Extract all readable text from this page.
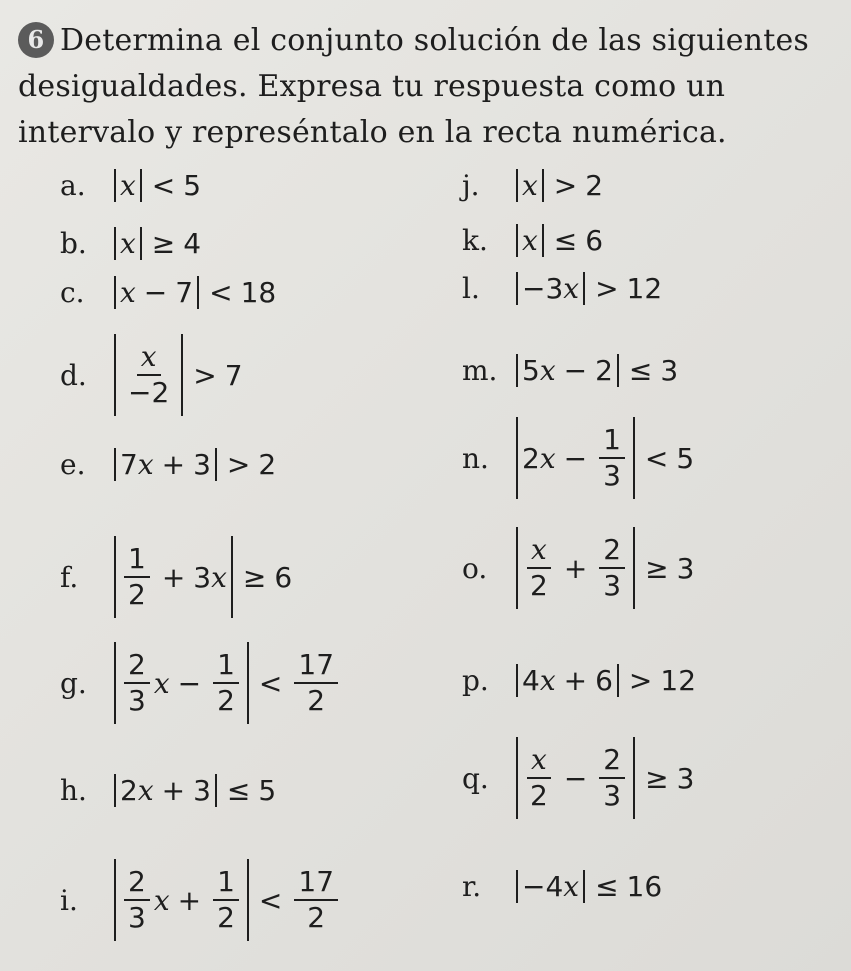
6 Determina el conjunto solución de las siguientes desigualdades. Expresa tu respuesta como un intervalo y represéntalo en la recta numérica.
a.	x < 5
b.	x ≥ 4
c.	x − 7 < 18
d.	$\frac{x}{-2} > 7$
e.	7 x + 3 > 2
f.	$\frac{1}{2} + 3$ x ≥ 6
g.	$\frac{2}{3}$ $x - \frac{1}{2} < \frac{17}{2}$
h.	2 x + 3 ≤ 5
i.	$\frac{2}{3}$ $x + \frac{1}{2} < \frac{17}{2}$
j.	x > 2
k.	x ≤ 6
l.	−3 x > 12
m. 5 x − 2 ≤ 3
n.	2 $x - \frac{1}{3} < 5$
o.	$\frac{x}{2} + \frac{2}{3} \ge 3$
p.	4 x + 6 > 12
q.	$\frac{x}{2} - \frac{2}{3} \ge 3$
r.	−4 x ≤ 16
